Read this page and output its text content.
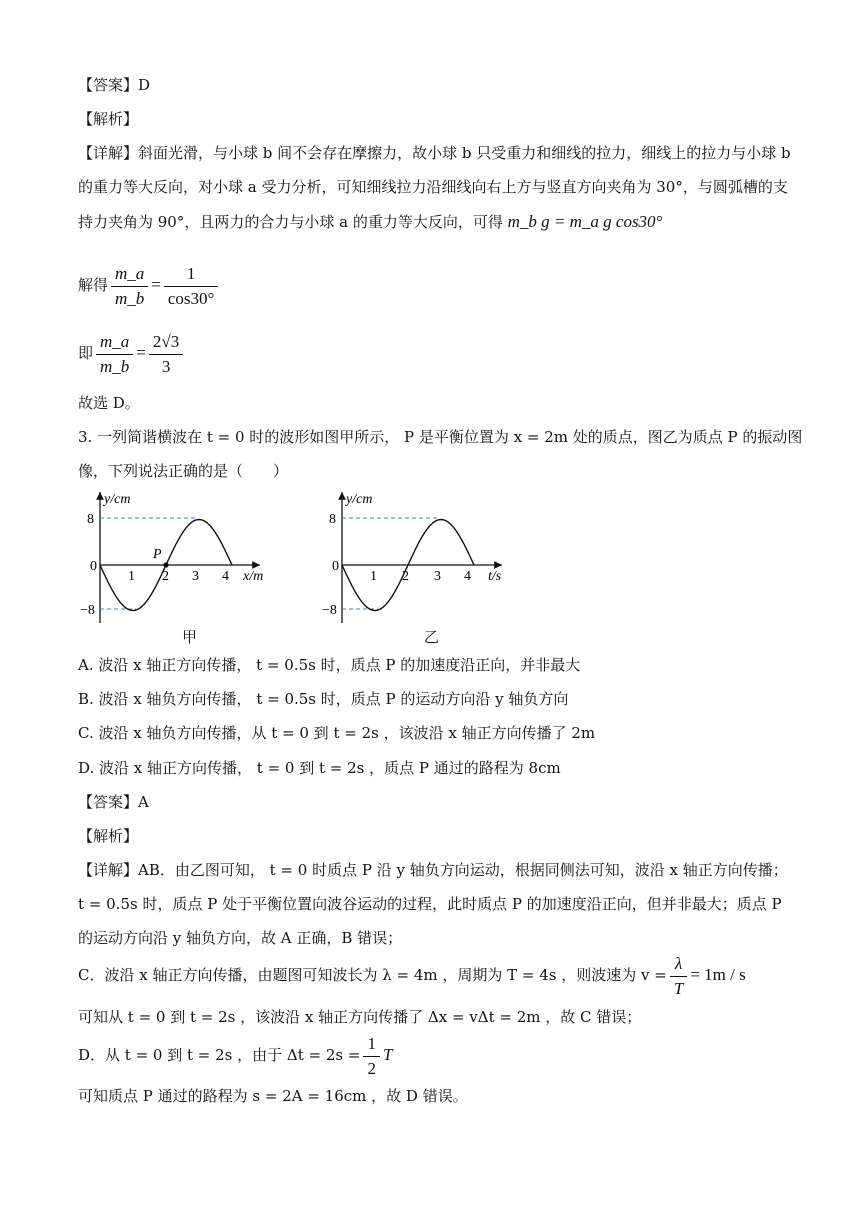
【答案】D
【解析】
【详解】斜面光滑，与小球 b 间不会存在摩擦力，故小球 b 只受重力和细线的拉力，细线上的拉力与小球 b
的重力等大反向，对小球 a 受力分析，可知细线拉力沿细线向右上方与竖直方向夹角为 30°，与圆弧槽的支
持力夹角为 90°，且两力的合力与小球 a 的重力等大反向，可得 m_b g = m_a g cos30°
解得 $\frac{m\_a}{m\_b} = \frac{1}{\cos 30^\circ}$
即 $\frac{m\_a}{m\_b} = \frac{2√3}{3}$
故选 D。
3. 一列简谐横波在 t = 0 时的波形如图甲所示， P 是平衡位置为 x = 2m 处的质点，图乙为质点 P 的振动图
像，下列说法正确的是（　　）
P
y/cm
x/m
8
0
−8
1 2 3 4
甲
y/cm
t/s
8
0
−8
1 2 3 4
乙
A. 波沿 x 轴正方向传播， t = 0.5s 时，质点 P 的加速度沿正向，并非最大
B. 波沿 x 轴负方向传播， t = 0.5s 时，质点 P 的运动方向沿 y 轴负方向
C. 波沿 x 轴负方向传播，从 t = 0 到 t = 2s ，该波沿 x 轴正方向传播了 2m
D. 波沿 x 轴正方向传播， t = 0 到 t = 2s ，质点 P 通过的路程为 8cm
【答案】A
【解析】
【详解】AB．由乙图可知， t = 0 时质点 P 沿 y 轴负方向运动，根据同侧法可知，波沿 x 轴正方向传播；
t = 0.5s 时，质点 P 处于平衡位置向波谷运动的过程，此时质点 P 的加速度沿正向，但并非最大；质点 P
的运动方向沿 y 轴负方向，故 A 正确，B 错误；
C．波沿 x 轴正方向传播，由题图可知波长为 λ = 4m ，周期为 T = 4s ，则波速为 $v = \frac{\lambda}{T} = 1m / s$
可知从 t = 0 到 t = 2s ，该波沿 x 轴正方向传播了 Δx = vΔt = 2m ，故 C 错误；
D．从 t = 0 到 t = 2s ，由于 $\Delta t = 2s = \frac{1}{2}$ T
可知质点 P 通过的路程为 s = 2A = 16cm ，故 D 错误。
